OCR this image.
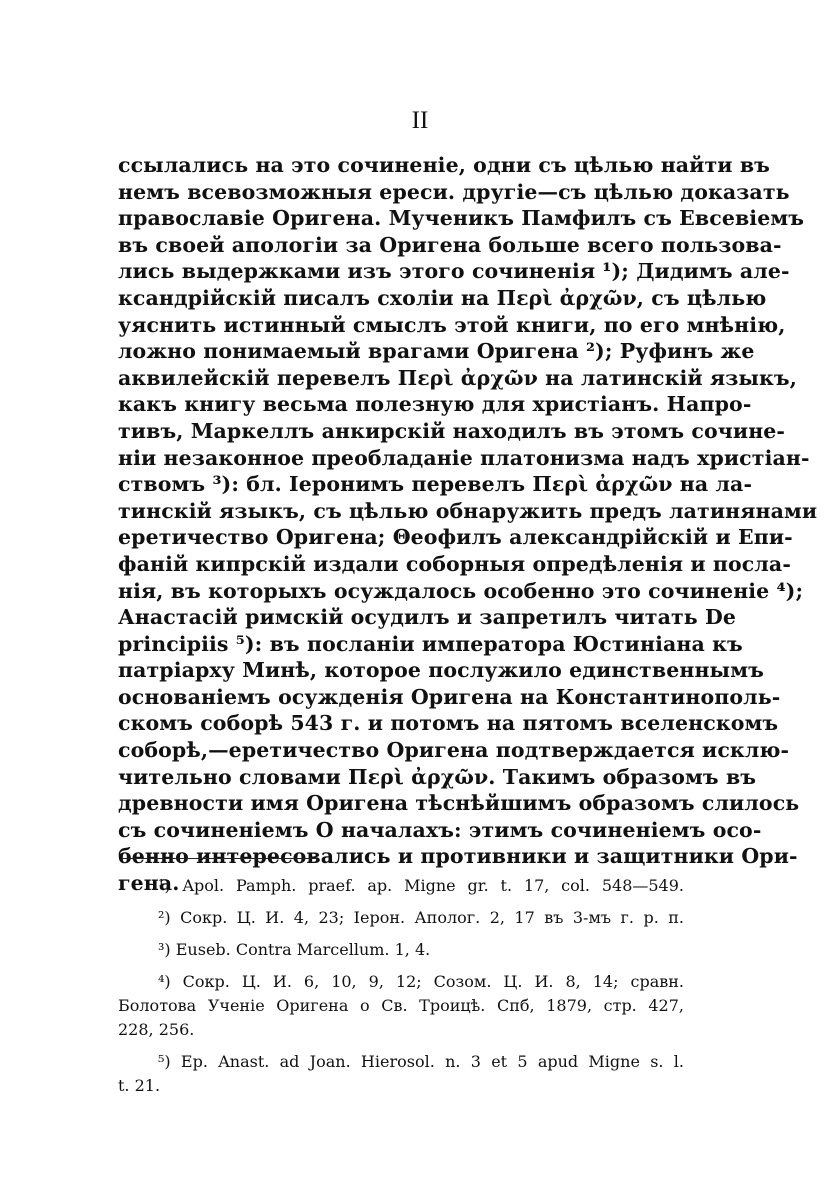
II
ссылались на это сочиненіе, одни съ цѣлью найти въ
немъ всевозможныя ереси. другіе—съ цѣлью доказать
православіе Оригена. Мученикъ Памфилъ съ Евсевіемъ
въ своей апологіи за Оригена больше всего пользова-
лись выдержками изъ этого сочиненія ¹); Дидимъ але-
ксандрійскій писалъ схоліи на Περὶ ἀρχῶν, съ цѣлью
уяснить истинный смыслъ этой книги, по его мнѣнію,
ложно понимаемый врагами Оригена ²); Руфинъ же
аквилейскій перевелъ Περὶ ἀρχῶν на латинскій языкъ,
какъ книгу весьма полезную для христіанъ. Напро-
тивъ, Маркеллъ анкирскій находилъ въ этомъ сочине-
ніи незаконное преобладаніе платонизма надъ христіан-
ствомъ ³): бл. Іеронимъ перевелъ Περὶ ἀρχῶν на ла-
тинскій языкъ, съ цѣлью обнаружить предъ латинянами
еретичество Оригена; Θеофилъ александрійскій и Епи-
фаній кипрскій издали соборныя опредѣленія и посла-
нія, въ которыхъ осуждалось особенно это сочиненіе ⁴);
Анастасій римскій осудилъ и запретилъ читать De
principiis ⁵): въ посланіи императора Юстиніана къ
патріарху Минѣ, которое послужило единственнымъ
основаніемъ осужденія Оригена на Константинополь-
скомъ соборѣ 543 г. и потомъ на пятомъ вселенскомъ
соборѣ,—еретичество Оригена подтверждается исклю-
чительно словами Περὶ ἀρχῶν. Такимъ образомъ въ
древности имя Оригена тѣснѣйшимъ образомъ слилось
съ сочиненіемъ О началахъ: этимъ сочиненіемъ осо-
бенно интересовались и противники и защитники Ори-
гена.
¹) Apol. Pamph. praef. ap. Migne gr. t. 17, col. 548—549.
²) Сокр. Ц. И. 4, 23; Іерон. Аполог. 2, 17 въ 3-мъ г. р. п.
³) Euseb. Contra Marcellum. 1, 4.
⁴) Сокр. Ц. И. 6, 10, 9, 12; Созом. Ц. И. 8, 14; сравн.
Болотова Ученіе Оригена о Св. Троицѣ. Спб, 1879, стр. 427,
228, 256.
⁵) Ep. Anast. ad Joan. Hierosol. n. 3 et 5 apud Migne s. l.
t. 21.
